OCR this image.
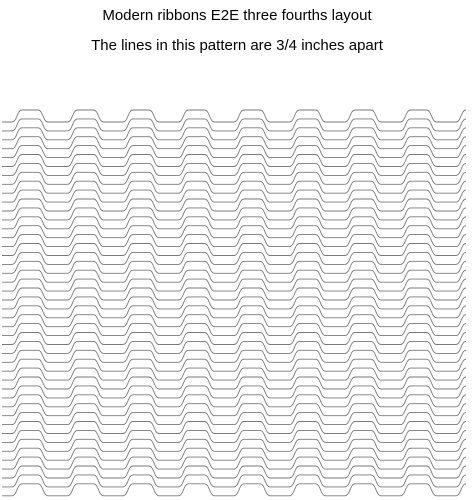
Modern ribbons E2E three fourths layout
The lines in this pattern are 3/4 inches apart
